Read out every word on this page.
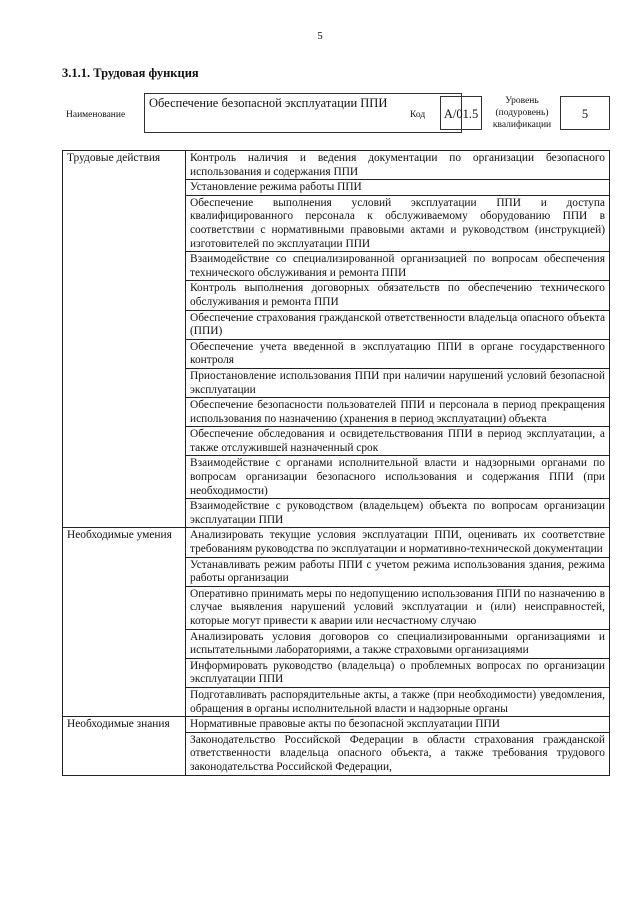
5
3.1.1. Трудовая функция
Наименование
Обеспечение безопасной эксплуатации ППИ
Код	А/01.5
Уровень (подуровень) квалификации
5
Трудовые действия	Контроль наличия и ведения документации по организации безопасного использования и содержания ППИ
	Установление режима работы ППИ
	Обеспечение выполнения условий эксплуатации ППИ и доступа квалифицированного персонала к обслуживаемому оборудованию ППИ в соответствии с нормативными правовыми актами и руководством (инструкцией) изготовителей по эксплуатации ППИ
	Взаимодействие со специализированной организацией по вопросам обеспечения технического обслуживания и ремонта ППИ
	Контроль выполнения договорных обязательств по обеспечению технического обслуживания и ремонта ППИ
	Обеспечение страхования гражданской ответственности владельца опасного объекта (ППИ)
	Обеспечение учета введенной в эксплуатацию ППИ в органе государственного контроля
	Приостановление использования ППИ при наличии нарушений условий безопасной эксплуатации
	Обеспечение безопасности пользователей ППИ и персонала в период прекращения использования по назначению (хранения в период эксплуатации) объекта
	Обеспечение обследования и освидетельствования ППИ в период эксплуатации, а также отслужившей назначенный срок
	Взаимодействие с органами исполнительной власти и надзорными органами по вопросам организации безопасного использования и содержания ППИ (при необходимости)
	Взаимодействие с руководством (владельцем) объекта по вопросам организации эксплуатации ППИ
Необходимые умения	Анализировать текущие условия эксплуатации ППИ, оценивать их соответствие требованиям руководства по эксплуатации и нормативно-технической документации
	Устанавливать режим работы ППИ с учетом режима использования здания, режима работы организации
	Оперативно принимать меры по недопущению использования ППИ по назначению в случае выявления нарушений условий эксплуатации и (или) неисправностей, которые могут привести к аварии или несчастному случаю
	Анализировать условия договоров со специализированными организациями и испытательными лабораториями, а также страховыми организациями
	Информировать руководство (владельца) о проблемных вопросах по организации эксплуатации ППИ
	Подготавливать распорядительные акты, а также (при необходимости) уведомления, обращения в органы исполнительной власти и надзорные органы
Необходимые знания	Нормативные правовые акты по безопасной эксплуатации ППИ
	Законодательство Российской Федерации в области страхования гражданской ответственности владельца опасного объекта, а также требования трудового законодательства Российской Федерации,
